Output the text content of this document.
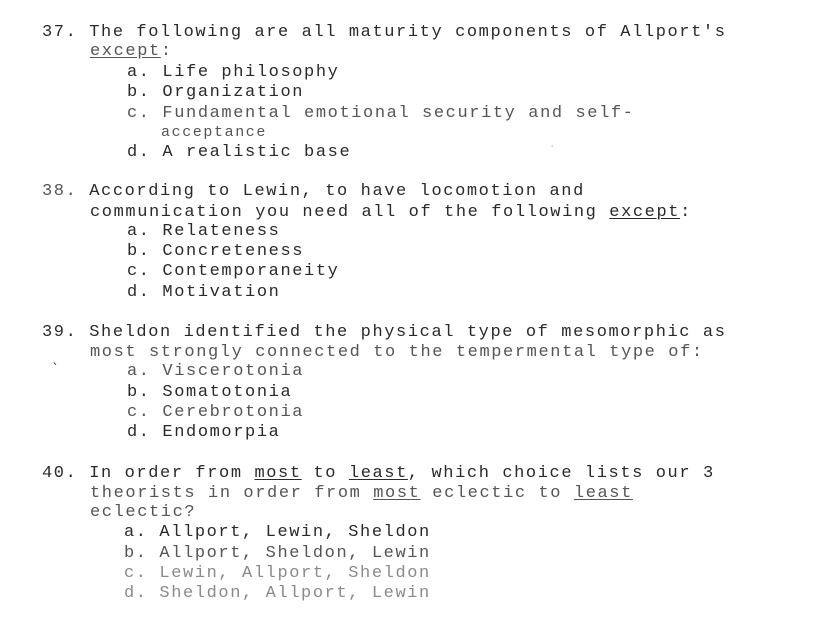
37. The following are all maturity components of Allport's
except:
a. Life philosophy
b. Organization
c. Fundamental emotional security and self-
acceptance
d. A realistic base
38. According to Lewin, to have locomotion and
communication you need all of the following except:
a. Relateness
b. Concreteness
c. Contemporaneity
d. Motivation
39. Sheldon identified the physical type of mesomorphic as
most strongly connected to the tempermental type of:
a. Viscerotonia
b. Somatotonia
c. Cerebrotonia
d. Endomorpia
40. In order from most to least, which choice lists our 3
theorists in order from most eclectic to least
eclectic?
a. Allport, Lewin, Sheldon
b. Allport, Sheldon, Lewin
c. Lewin, Allport, Sheldon
d. Sheldon, Allport, Lewin
`
'
